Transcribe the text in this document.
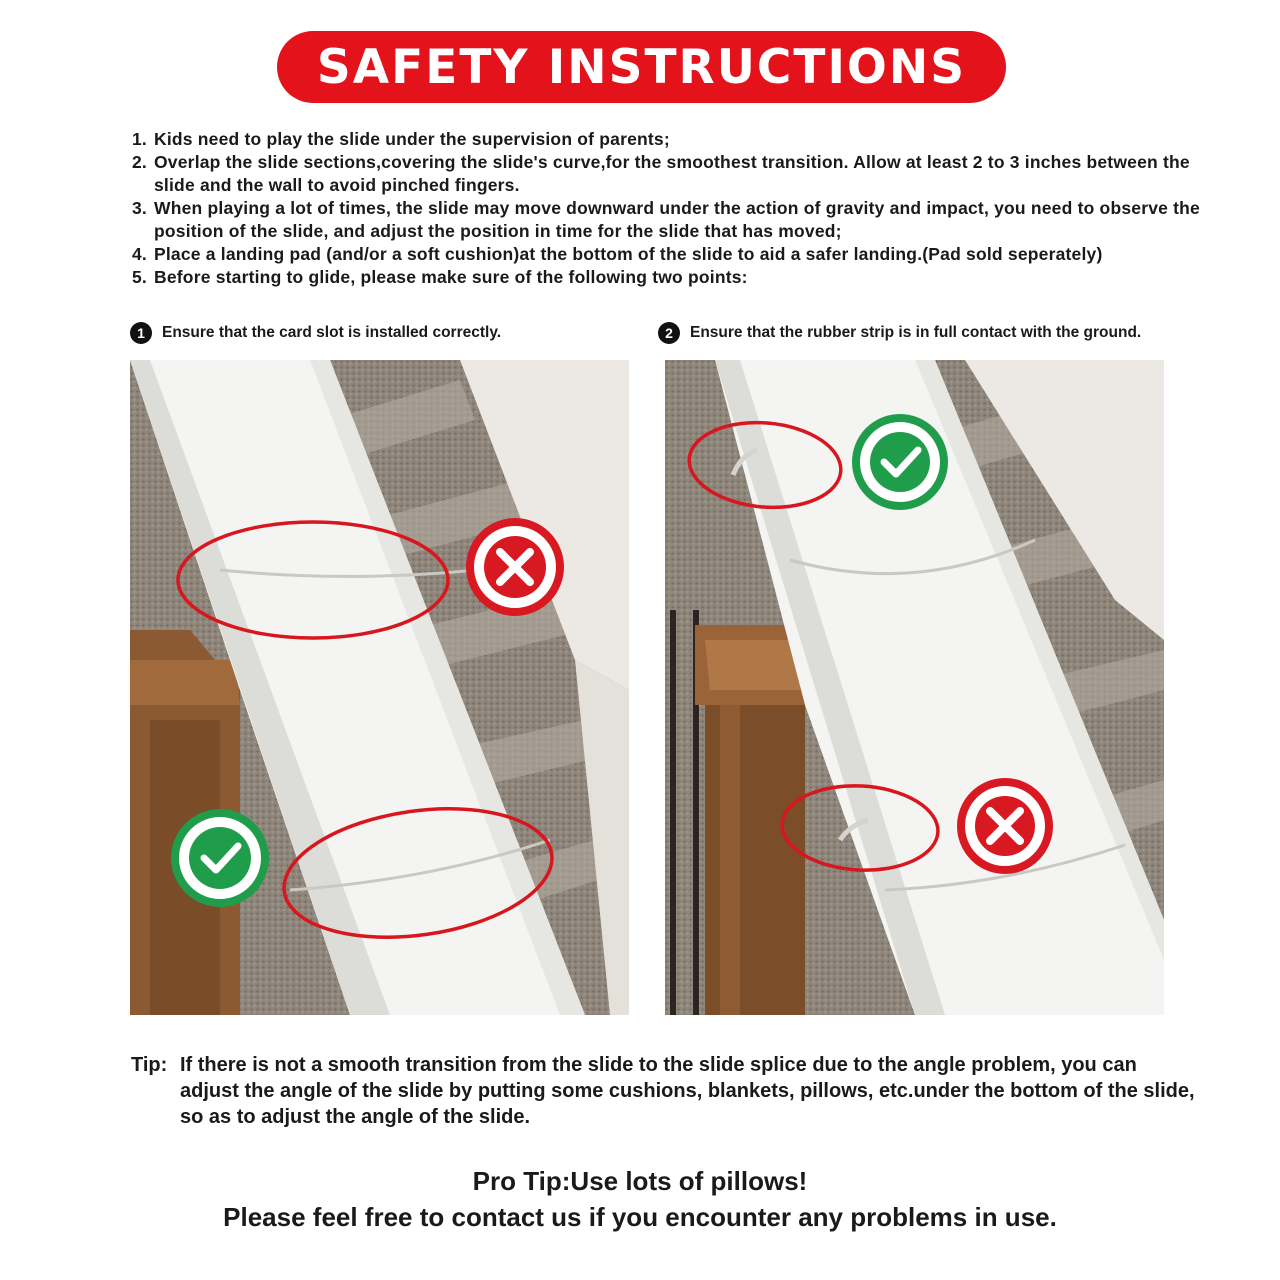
SAFETY INSTRUCTIONS
1. Kids need to play the slide under the supervision of parents;
2. Overlap the slide sections,covering the slide's curve,for the smoothest transition. Allow at least 2 to 3 inches between the slide and the wall to avoid pinched fingers.
3. When playing a lot of times, the slide may move downward under the action of gravity and impact, you need to observe the position of the slide, and adjust the position in time for the slide that has moved;
4. Place a landing pad (and/or a soft cushion)at the bottom of the slide to aid a safer landing.(Pad sold seperately)
5. Before starting to glide, please make sure of the following two points:
1	Ensure that the card slot is installed correctly.	2	Ensure that the rubber strip is in full contact with the ground.
Tip: If there is not a smooth transition from the slide to the slide splice due to the angle problem, you can adjust the angle of the slide by putting some cushions, blankets, pillows, etc.under the bottom of the slide, so as to adjust the angle of the slide.
Pro Tip:Use lots of pillows!
Please feel free to contact us if you encounter any problems in use.
